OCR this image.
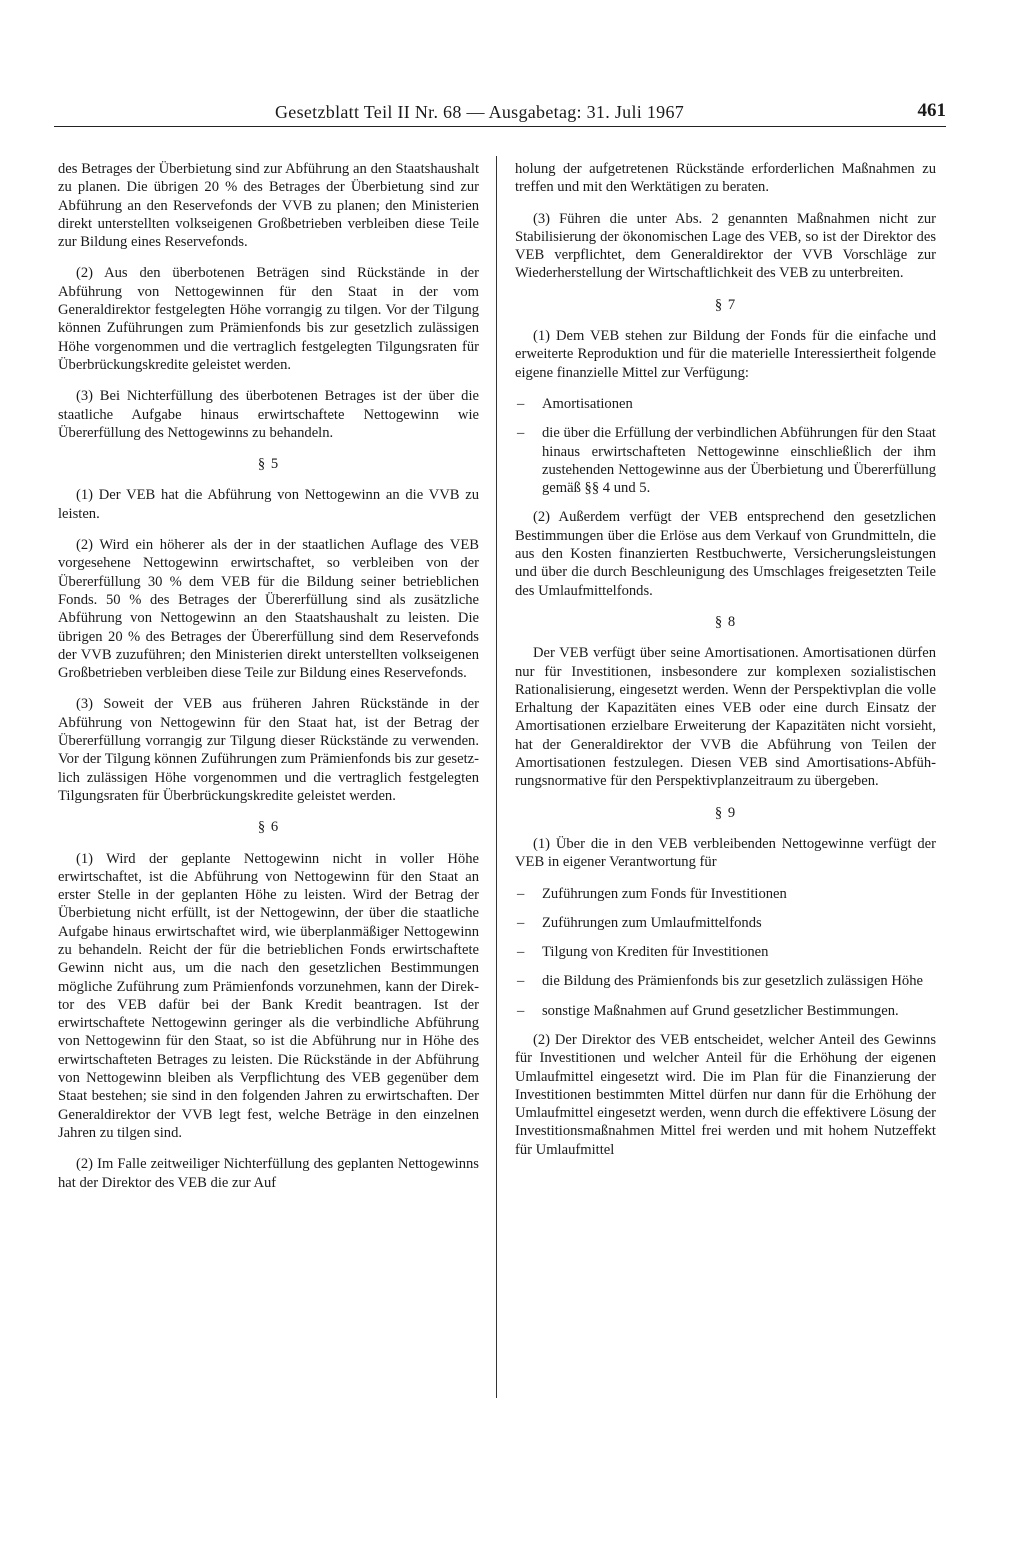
Gesetzblatt Teil II Nr. 68 — Ausgabetag: 31. Juli 1967	461

des Betrages der Überbietung sind zur Abführung an den Staatshaushalt zu planen. Die übrigen 20 % des Betrages der Überbietung sind zur Abführung an den Reservefonds der VVB zu planen; den Ministerien direkt unterstellten volkseigenen Großbetrieben verbleiben diese Teile zur Bildung eines Reservefonds.

(2) Aus den überbotenen Beträgen sind Rückstände in der Abführung von Nettogewinnen für den Staat in der vom Generaldirektor festgelegten Höhe vorrangig zu tilgen. Vor der Tilgung können Zuführungen zum Prämienfonds bis zur gesetzlich zulässigen Höhe vorgenommen und die vertraglich festgelegten Tilgungsraten für Überbrückungskredite geleistet werden.

(3) Bei Nichterfüllung des überbotenen Betrages ist der über die staatliche Aufgabe hinaus erwirtschaftete Nettogewinn wie Übererfüllung des Nettogewinns zu behandeln.

§ 5

(1) Der VEB hat die Abführung von Nettogewinn an die VVB zu leisten.

(2) Wird ein höherer als der in der staatlichen Auflage des VEB vorgesehene Nettogewinn erwirtschaftet, so verbleiben von der Übererfüllung 30 % dem VEB für die Bildung seiner betrieblichen Fonds. 50 % des Betrages der Übererfüllung sind als zusätzliche Abführung von Nettogewinn an den Staatshaushalt zu leisten. Die übrigen 20 % des Betrages der Übererfüllung sind dem Reservefonds der VVB zuzuführen; den Ministerien direkt unterstellten volkseigenen Großbetrieben verbleiben diese Teile zur Bildung eines Reservefonds.

(3) Soweit der VEB aus früheren Jahren Rückstände in der Abführung von Nettogewinn für den Staat hat, ist der Betrag der Übererfüllung vorrangig zur Tilgung dieser Rückstände zu verwenden. Vor der Tilgung können Zuführungen zum Prämienfonds bis zur gesetzlich zulässigen Höhe vorgenommen und die vertraglich festgelegten Tilgungsraten für Überbrückungskredite geleistet werden.

§ 6

(1) Wird der geplante Nettogewinn nicht in voller Höhe erwirtschaftet, ist die Abführung von Nettogewinn für den Staat an erster Stelle in der geplanten Höhe zu leisten. Wird der Betrag der Überbietung nicht erfüllt, ist der Nettogewinn, der über die staatliche Aufgabe hinaus erwirtschaftet wird, wie überplanmäßiger Nettogewinn zu behandeln. Reicht der für die betrieblichen Fonds erwirtschaftete Gewinn nicht aus, um die nach den gesetzlichen Bestimmungen mögliche Zuführung zum Prämienfonds vorzunehmen, kann der Direktor des VEB dafür bei der Bank Kredit beantragen. Ist der erwirtschaftete Nettogewinn geringer als die verbindliche Abführung von Nettogewinn für den Staat, so ist die Abführung nur in Höhe des erwirtschafteten Betrages zu leisten. Die Rückstände in der Abführung von Nettogewinn bleiben als Verpflichtung des VEB gegenüber dem Staat bestehen; sie sind in den folgenden Jahren zu erwirtschaften. Der Generaldirektor der VVB legt fest, welche Beträge in den einzelnen Jahren zu tilgen sind.

(2) Im Falle zeitweiliger Nichterfüllung des geplanten Nettogewinns hat der Direktor des VEB die zur Auf

holung der aufgetretenen Rückstände erforderlichen Maßnahmen zu treffen und mit den Werktätigen zu beraten.

(3) Führen die unter Abs. 2 genannten Maßnahmen nicht zur Stabilisierung der ökonomischen Lage des VEB, so ist der Direktor des VEB verpflichtet, dem Generaldirektor der VVB Vorschläge zur Wiederherstellung der Wirtschaftlichkeit des VEB zu unterbreiten.

§ 7

(1) Dem VEB stehen zur Bildung der Fonds für die einfache und erweiterte Reproduktion und für die materielle Interessiertheit folgende eigene finanzielle Mittel zur Verfügung:

–	Amortisationen
–	die über die Erfüllung der verbindlichen Abführungen für den Staat hinaus erwirtschafteten Nettogewinne einschließlich der ihm zustehenden Nettogewinne aus der Überbietung und Übererfüllung gemäß §§ 4 und 5.

(2) Außerdem verfügt der VEB entsprechend den gesetzlichen Bestimmungen über die Erlöse aus dem Verkauf von Grundmitteln, die aus den Kosten finanzierten Restbuchwerte, Versicherungsleistungen und über die durch Beschleunigung des Umschlages freigesetzten Teile des Umlaufmittelfonds.

§ 8

Der VEB verfügt über seine Amortisationen. Amortisationen dürfen nur für Investitionen, insbesondere zur komplexen sozialistischen Rationalisierung, eingesetzt werden. Wenn der Perspektivplan die volle Erhaltung der Kapazitäten eines VEB oder eine durch Einsatz der Amortisationen erzielbare Erweiterung der Kapazitäten nicht vorsieht, hat der Generaldirektor der VVB die Abführung von Teilen der Amortisationen festzulegen. Diesen VEB sind Amortisations-Abführungsnormative für den Perspektivplanzeitraum zu übergeben.

§ 9

(1) Über die in den VEB verbleibenden Nettogewinne verfügt der VEB in eigener Verantwortung für

–	Zuführungen zum Fonds für Investitionen
–	Zuführungen zum Umlaufmittelfonds
–	Tilgung von Krediten für Investitionen
–	die Bildung des Prämienfonds bis zur gesetzlich zulässigen Höhe
–	sonstige Maßnahmen auf Grund gesetzlicher Bestimmungen.

(2) Der Direktor des VEB entscheidet, welcher Anteil des Gewinns für Investitionen und welcher Anteil für die Erhöhung der eigenen Umlaufmittel eingesetzt wird. Die im Plan für die Finanzierung der Investitionen bestimmten Mittel dürfen nur dann für die Erhöhung der Umlaufmittel eingesetzt werden, wenn durch die effektivere Lösung der Investitionsmaßnahmen Mittel frei werden und mit hohem Nutzeffekt für Umlaufmittel
